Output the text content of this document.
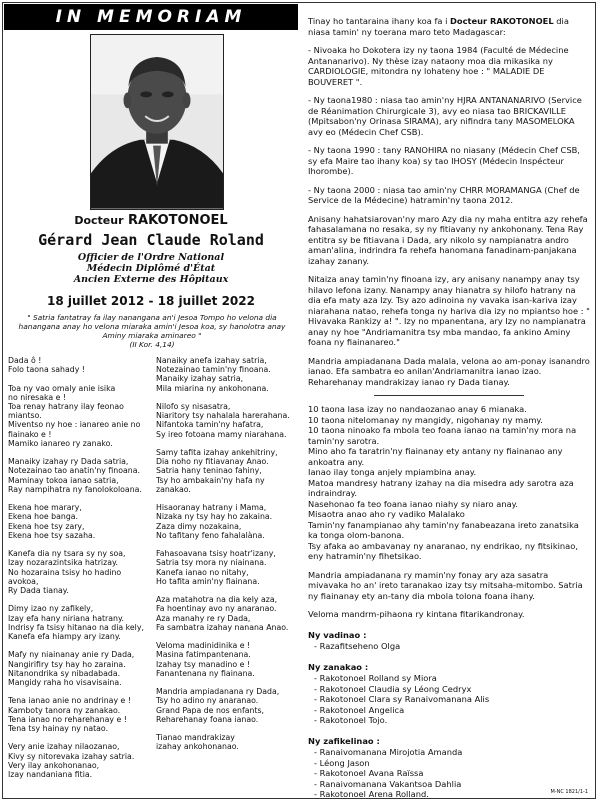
IN MEMORIAM
Docteur RAKOTONOEL
Gérard Jean Claude Roland
Officier de l'Ordre National
Médecin Diplômé d'État
Ancien Externe des Hôpitaux
18 juillet 2012 - 18 juillet 2022
" Satria fantatray fa ilay nanangana an'i Jesoa Tompo ho velona dia hanangana anay ho velona miaraka amin'i Jesoa koa, sy hanolotra anay Aminy miaraka aminareo "
(II Kor. 4,14)

Dada ô !
Folo taona sahady !

Toa ny vao omaly anie isika
no niresaka e !
Toa renay hatrany ilay feonao
miantso.
Miventso ny hoe : ianareo anie no
fiainako e !
Mamiko ianareo ry zanako.

Manaiky izahay ry Dada satria,
Notezainao tao anatin'ny finoana.
Maminay tokoa ianao satria,
Ray nampihatra ny fanolokoloana.

Ekena hoe marary,
Ekena hoe banga.
Ekena hoe tsy zary,
Ekena hoe tsy sazaha.

Kanefa dia ny tsara sy ny soa,
Izay nozarazintsika hatrizay.
No hozaraina tsisy ho hadino avokoa,
Ry Dada tianay.

Dimy izao ny zafikely,
Izay efa hany niriana hatrany.
Indrisy fa tsisy hitanao na dia kely,
Kanefa efa hiampy ary izany.

Mafy ny niainanay anie ry Dada,
Nangirifiry tsy hay ho zaraina.
Nitanondrika sy nibadabada.
Mangidy raha ho visavisaina.

Tena ianao anie no andrinay e !
Kamboty tanora ny zanakao.
Tena ianao no reharehanay e !
Tena tsy hainay ny natao.

Very anie izahay nilaozanao,
Kivy sy nitorevaka izahay satria.
Very ilay ankohonanao,
Izay nandaniana fitia.

Nanaiky anefa izahay satria,
Notezainao tamin'ny finoana.
Manaiky izahay satria,
Mila miarina ny ankohonana.

Nilofo sy nisasatra,
Niaritory tsy nahalala harerahana.
Nifantoka tamin'ny hafatra,
Sy ireo fotoana mamy niarahana.

Samy tafita izahay ankehitriny,
Dia noho ny fitiavanay Anao.
Satria hany teninao fahiny,
Tsy ho ambakain'ny hafa ny zanakao.

Hisaoranay hatrany i Mama,
Nizaka ny tsy hay ho zakaina.
Zaza dimy nozakaina,
No tafitany feno fahalalàna.

Fahasoavana tsisy hoatr'izany,
Satria tsy mora ny niainana.
Kanefa ianao no nitahy,
Ho tafita amin'ny fiainana.

Aza matahotra na dia kely aza,
Fa hoentinay avo ny anaranao.
Aza manahy re ry Dada,
Fa sambatra izahay nanana Anao.

Veloma madinidinika e !
Masina fatimpantenana.
Izahay tsy manadino e !
Fanantenana ny fiainana.

Mandria ampiadanana ry Dada,
Tsy ho adino ny anaranao.
Grand Papa de nos enfants,
Reharehanay foana ianao.

Tianao mandrakizay
izahay ankohonanao.

Tinay ho tantaraina ihany koa fa i Docteur RAKOTONOEL dia niasa tamin' ny toerana maro teto Madagascar:

- Nivoaka ho Dokotera izy ny taona 1984 (Faculté de Médecine Antananarivo). Ny thèse izay nataony moa dia mikasika ny CARDIOLOGIE, mitondra ny lohateny hoe : " MALADIE DE BOUVERET ".

- Ny taona1980 : niasa tao amin'ny HJRA ANTANANARIVO (Service de Réanimation Chirurgicale 3), avy eo niasa tao BRICKAVILLE (Mpitsabon'ny Orinasa SIRAMA), ary nifindra tany MASOMELOKA avy eo (Médecin Chef CSB).

- Ny taona 1990 : tany RANOHIRA no niasany (Médecin Chef CSB, sy efa Maire tao ihany koa) sy tao IHOSY (Médecin Inspécteur Ihorombe).

- Ny taona 2000 : niasa tao amin'ny CHRR MORAMANGA (Chef de Service de la Médecine) hatramin'ny taona 2012.

Anisany hahatsiarovan'ny maro Azy dia ny maha entitra azy rehefa fahasalamana no resaka, sy ny fitiavany ny ankohonany. Tena Ray entitra sy be fitiavana i Dada, ary nikolo sy nampianatra andro aman'alina, indrindra fa rehefa hanomana fanadinam-panjakana izahay zanany.

Nitaiza anay tamin'ny finoana izy, ary anisany nanampy anay tsy hilavo lefona izany. Nanampy anay hianatra sy hilofo hatrany na dia efa maty aza Izy. Tsy azo adinoina ny vavaka isan-kariva izay niarahana natao, rehefa tonga ny hariva dia izy no mpiantso hoe : " Hivavaka Rankizy a! ". Izy no mpanentana, ary Izy no nampianatra anay ny hoe "Andriamanitra tsy mba mandao, fa ankino Aminy foana ny fiainanareo."

Mandria ampiadanana Dada malala, velona ao am-ponay isanandro ianao. Efa sambatra eo anilan'Andriamanitra ianao izao. Reharehanay mandrakizay ianao ry Dada tianay.

10 taona lasa izay no nandaozanao anay 6 mianaka.
10 taona nitelomanay ny mangidy, nigohanay ny mamy.
10 taona ninoako fa mbola teo foana ianao na tamin'ny mora na tamin'ny sarotra.
Mino aho fa taratrin'ny fiainanay ety antany ny fiainanao any ankoatra any.
Ianao ilay tonga anjely mpiambina anay.
Matoa mandresy hatrany izahay na dia misedra ady sarotra aza indraindray.
Nasehonao fa teo foana ianao niahy sy niaro anay.
Misaotra anao aho ry vadiko Malalako
Tamin'ny fanampianao ahy tamin'ny fanabeazana ireto zanatsika ka tonga olom-banona.
Tsy afaka ao ambavanay ny anaranao, ny endrikao, ny fitsikinao, eny hatramin'ny fihetsikao.

Mandria ampiadanana ry mamin'ny fonay ary aza sasatra mivavaka ho an' ireto taranakao izay tsy mitsaha-mitombo. Satria ny fiainanay ety an-tany dia mbola tolona foana ihany.

Veloma mandrm-pihaona ry kintana fitarikandronay.

Ny vadinao :
- Razafitseheno Olga
Ny zanakao :
- Rakotonoel Rolland sy Miora
- Rakotonoel Claudia sy Léong Cedryx
- Rakotonoel Clara sy Ranaivomanana Alis
- Rakotonoel Angelica
- Rakotonoel Tojo.
Ny zafikelinao :
- Ranaivomanana Mirojotia Amanda
- Léong Jason
- Rakotonoel Avana Raïssa
- Ranaivomanana Vakantsoa Dahlia
- Rakotonoel Arena Rolland.	M-NC 1821/1-1
